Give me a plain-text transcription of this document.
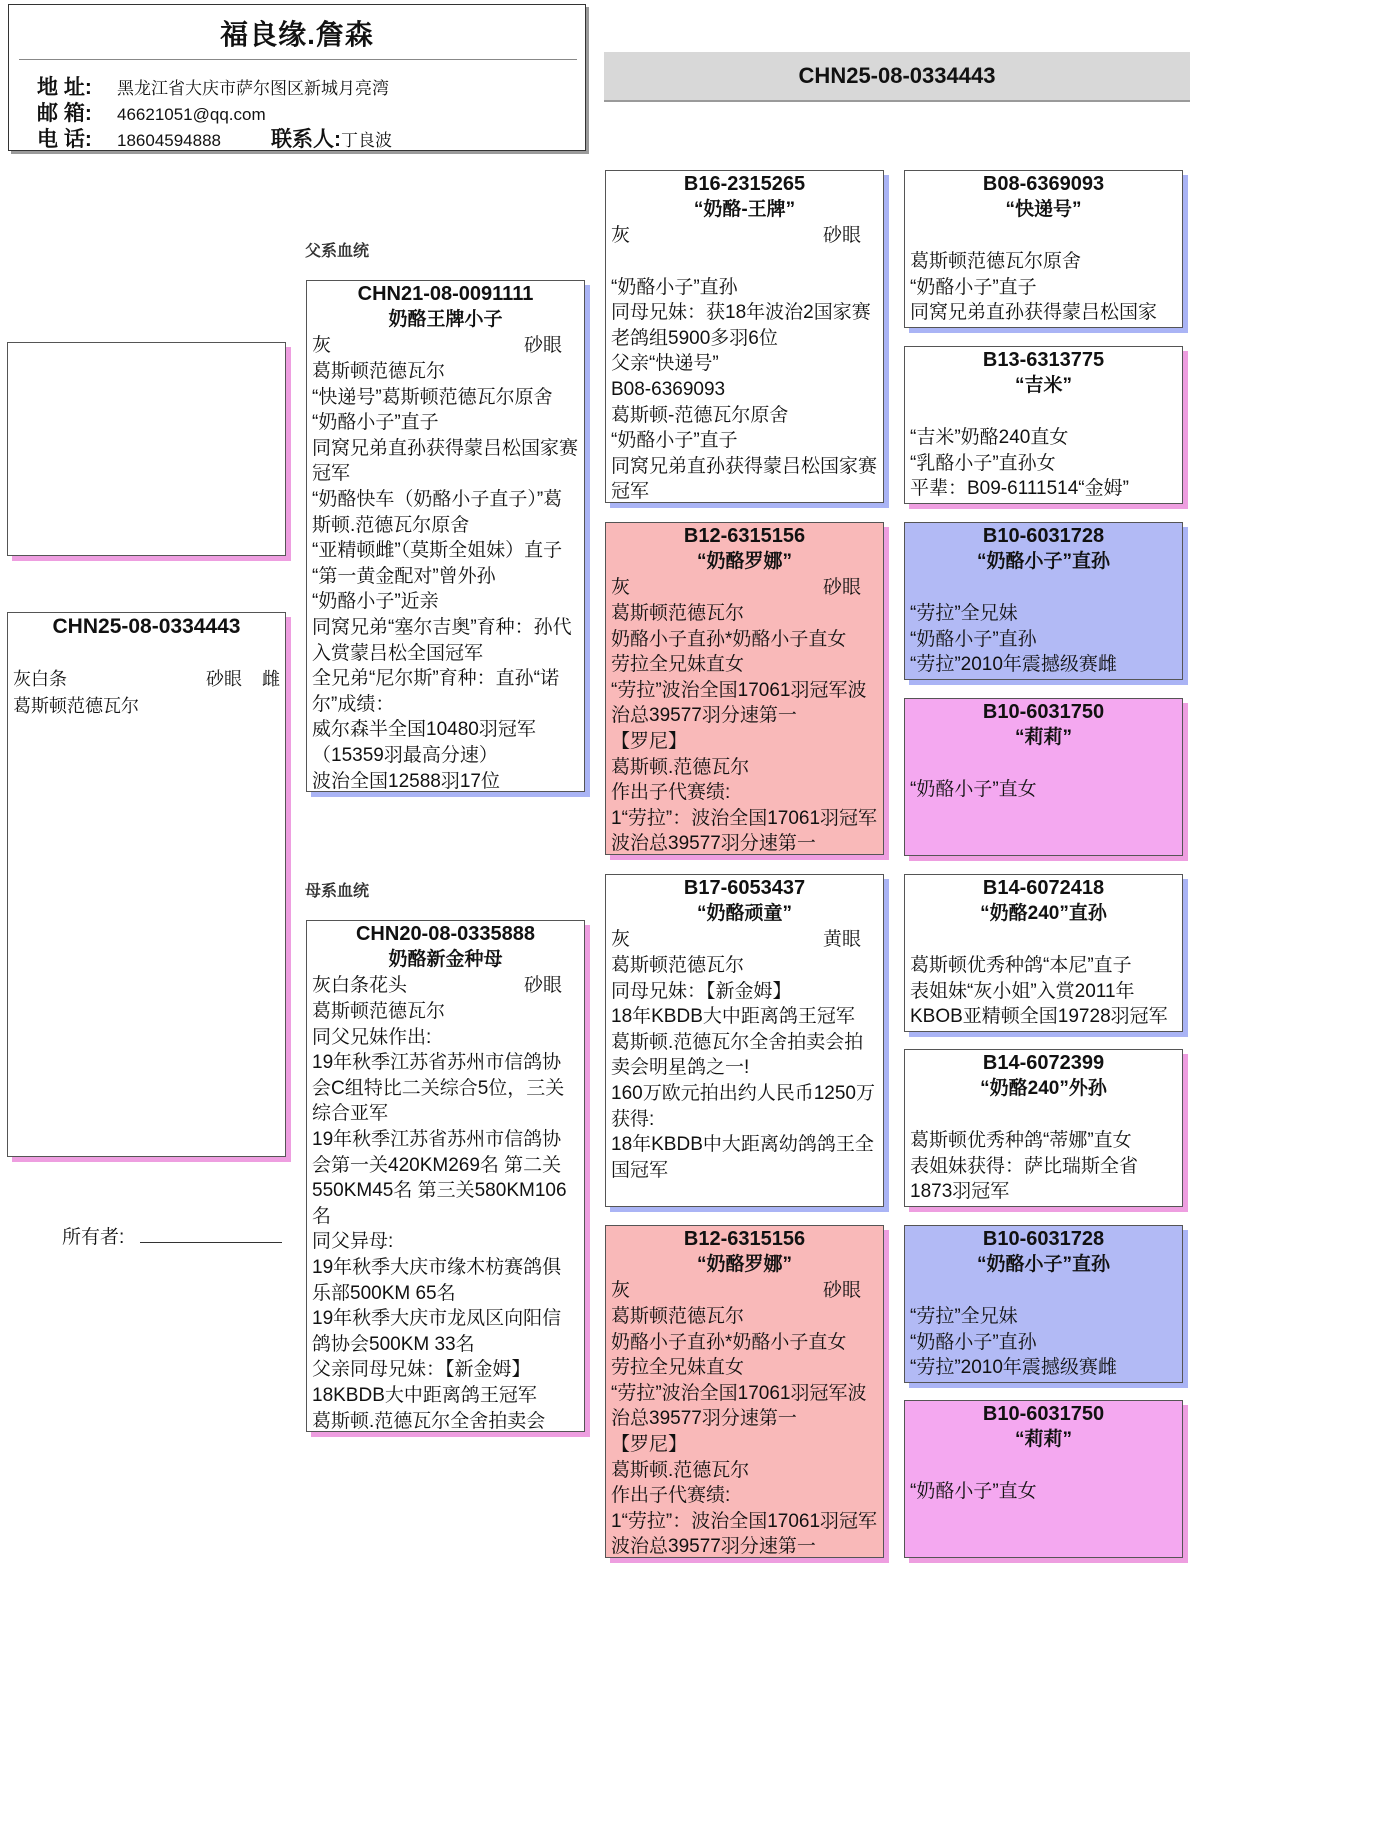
福良缘.詹森
地 址: 黑龙江省大庆市萨尔图区新城月亮湾
邮 箱: 46621051@qq.com
电 话: 18604594888 联系人:丁良波
CHN25-08-0334443
CHN25-08-0334443
灰白条	砂眼 雌
葛斯顿范德瓦尔
所有者:
父系血统
母系血统
CHN21-08-0091111
奶酪王牌小子
灰	砂眼
葛斯顿范德瓦尔
“快递号”葛斯顿范德瓦尔原舍
“奶酪小子”直子
同窝兄弟直孙获得蒙吕松国家赛冠军
“奶酪快车（奶酪小子直子）”葛斯顿.范德瓦尔原舍
“亚精顿雌”（莫斯全姐妹）直子
“第一黄金配对”曾外孙
“奶酪小子”近亲
同窝兄弟“塞尔吉奥”育种：孙代入赏蒙吕松全国冠军
全兄弟“尼尔斯”育种：直孙“诺尔”成绩：
威尔森半全国10480羽冠军（15359羽最高分速）
波治全国12588羽17位
CHN20-08-0335888
奶酪新金种母
灰白条花头	砂眼
葛斯顿范德瓦尔
同父兄妹作出:
19年秋季江苏省苏州市信鸽协会C组特比二关综合5位，三关综合亚军
19年秋季江苏省苏州市信鸽协会第一关420KM269名 第二关550KM45名 第三关580KM106名
同父异母:
19年秋季大庆市缘木枋赛鸽俱乐部500KM 65名
19年秋季大庆市龙凤区向阳信鸽协会500KM 33名
父亲同母兄妹：【新金姆】
18KBDB大中距离鸽王冠军
葛斯顿.范德瓦尔全舍拍卖会
B16-2315265
“奶酪-王牌”
灰	砂眼
“奶酪小子”直孙
同母兄妹：获18年波治2国家赛老鸽组5900多羽6位
父亲“快递号”
B08-6369093
葛斯顿-范德瓦尔原舍
“奶酪小子”直子
同窝兄弟直孙获得蒙吕松国家赛冠军
B12-6315156
“奶酪罗娜”
灰	砂眼
葛斯顿范德瓦尔
奶酪小子直孙*奶酪小子直女
劳拉全兄妹直女
“劳拉”波治全国17061羽冠军波治总39577羽分速第一
【罗尼】
葛斯顿.范德瓦尔
作出子代赛绩:
1“劳拉”：波治全国17061羽冠军波治总39577羽分速第一
B17-6053437
“奶酪顽童”
灰	黄眼
葛斯顿范德瓦尔
同母兄妹：【新金姆】
18年KBDB大中距离鸽王冠军
葛斯顿.范德瓦尔全舍拍卖会拍卖会明星鸽之一!
160万欧元拍出约人民币1250万
获得:
18年KBDB中大距离幼鸽鸽王全国冠军
B12-6315156
“奶酪罗娜”
灰	砂眼
葛斯顿范德瓦尔
奶酪小子直孙*奶酪小子直女
劳拉全兄妹直女
“劳拉”波治全国17061羽冠军波治总39577羽分速第一
【罗尼】
葛斯顿.范德瓦尔
作出子代赛绩:
1“劳拉”：波治全国17061羽冠军波治总39577羽分速第一
B08-6369093
“快递号”
葛斯顿范德瓦尔原舍
“奶酪小子”直子
同窝兄弟直孙获得蒙吕松国家
B13-6313775
“吉米”
“吉米”奶酪240直女
“乳酪小子”直孙女
平辈：B09-6111514“金姆”
B10-6031728
“奶酪小子”直孙
“劳拉”全兄妹
“奶酪小子”直孙
“劳拉”2010年震撼级赛雌
B10-6031750
“莉莉”
“奶酪小子”直女
B14-6072418
“奶酪240”直孙
葛斯顿优秀种鸽“本尼”直子
表姐妹“灰小姐”入赏2011年
KBOB亚精顿全国19728羽冠军
B14-6072399
“奶酪240”外孙
葛斯顿优秀种鸽“蒂娜”直女
表姐妹获得：萨比瑞斯全省
1873羽冠军
B10-6031728
“奶酪小子”直孙
“劳拉”全兄妹
“奶酪小子”直孙
“劳拉”2010年震撼级赛雌
B10-6031750
“莉莉”
“奶酪小子”直女
